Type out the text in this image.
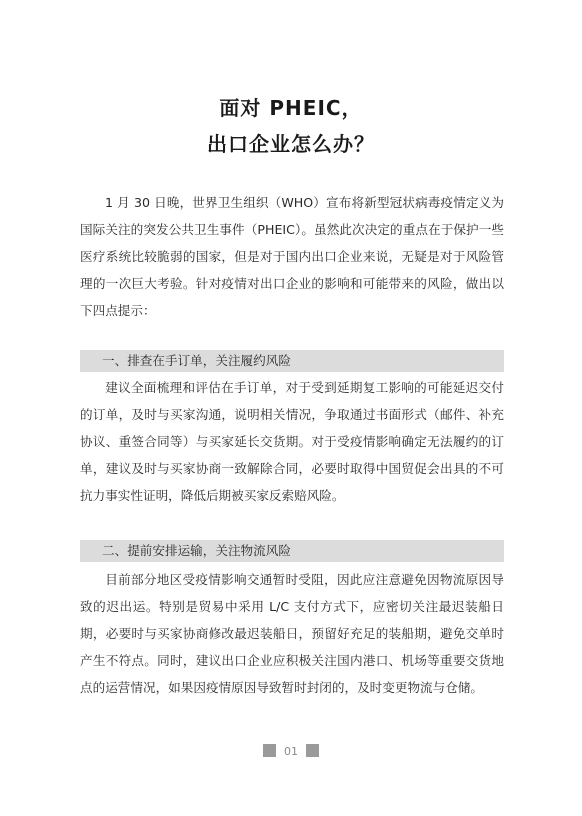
面对 PHEIC，
出口企业怎么办？
1 月 30 日晚，世界卫生组织（WHO）宣布将新型冠状病毒疫情定义为国际关注的突发公共卫生事件（PHEIC）。虽然此次决定的重点在于保护一些医疗系统比较脆弱的国家，但是对于国内出口企业来说，无疑是对于风险管理的一次巨大考验。针对疫情对出口企业的影响和可能带来的风险，做出以下四点提示：
一、排查在手订单，关注履约风险
建议全面梳理和评估在手订单，对于受到延期复工影响的可能延迟交付的订单，及时与买家沟通，说明相关情况，争取通过书面形式（邮件、补充协议、重签合同等）与买家延长交货期。对于受疫情影响确定无法履约的订单，建议及时与买家协商一致解除合同，必要时取得中国贸促会出具的不可抗力事实性证明，降低后期被买家反索赔风险。
二、提前安排运输，关注物流风险
目前部分地区受疫情影响交通暂时受阻，因此应注意避免因物流原因导致的迟出运。特别是贸易中采用 L/C 支付方式下，应密切关注最迟装船日期，必要时与买家协商修改最迟装船日，预留好充足的装船期，避免交单时产生不符点。同时，建议出口企业应积极关注国内港口、机场等重要交货地点的运营情况，如果因疫情原因导致暂时封闭的，及时变更物流与仓储。
01
